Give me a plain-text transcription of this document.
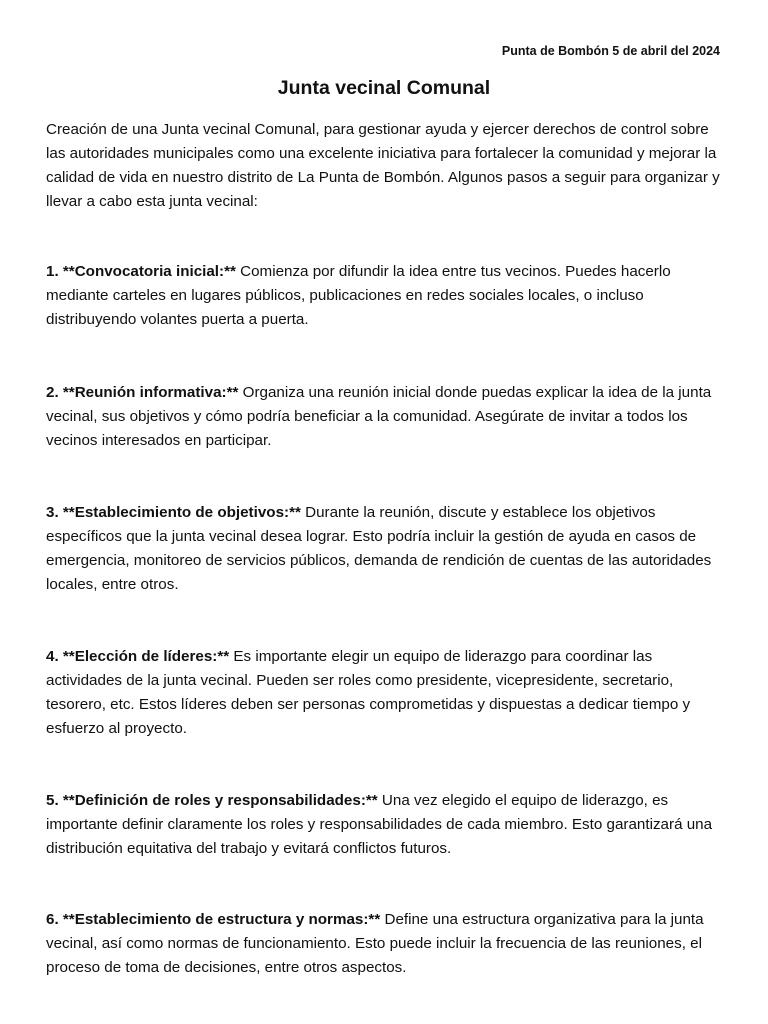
Punta de Bombón 5 de abril del 2024
Junta vecinal Comunal

Creación de una Junta vecinal Comunal, para gestionar ayuda y ejercer derechos de control sobre las autoridades municipales como una excelente iniciativa para fortalecer la comunidad y mejorar la calidad de vida en nuestro distrito de La Punta de Bombón. Algunos pasos a seguir para organizar y llevar a cabo esta junta vecinal:

1. **Convocatoria inicial:** Comienza por difundir la idea entre tus vecinos. Puedes hacerlo mediante carteles en lugares públicos, publicaciones en redes sociales locales, o incluso distribuyendo volantes puerta a puerta.

2. **Reunión informativa:** Organiza una reunión inicial donde puedas explicar la idea de la junta vecinal, sus objetivos y cómo podría beneficiar a la comunidad. Asegúrate de invitar a todos los vecinos interesados en participar.

3. **Establecimiento de objetivos:** Durante la reunión, discute y establece los objetivos específicos que la junta vecinal desea lograr. Esto podría incluir la gestión de ayuda en casos de emergencia, monitoreo de servicios públicos, demanda de rendición de cuentas de las autoridades locales, entre otros.

4. **Elección de líderes:** Es importante elegir un equipo de liderazgo para coordinar las actividades de la junta vecinal. Pueden ser roles como presidente, vicepresidente, secretario, tesorero, etc. Estos líderes deben ser personas comprometidas y dispuestas a dedicar tiempo y esfuerzo al proyecto.

5. **Definición de roles y responsabilidades:** Una vez elegido el equipo de liderazgo, es importante definir claramente los roles y responsabilidades de cada miembro. Esto garantizará una distribución equitativa del trabajo y evitará conflictos futuros.

6. **Establecimiento de estructura y normas:** Define una estructura organizativa para la junta vecinal, así como normas de funcionamiento. Esto puede incluir la frecuencia de las reuniones, el proceso de toma de decisiones, entre otros aspectos.
